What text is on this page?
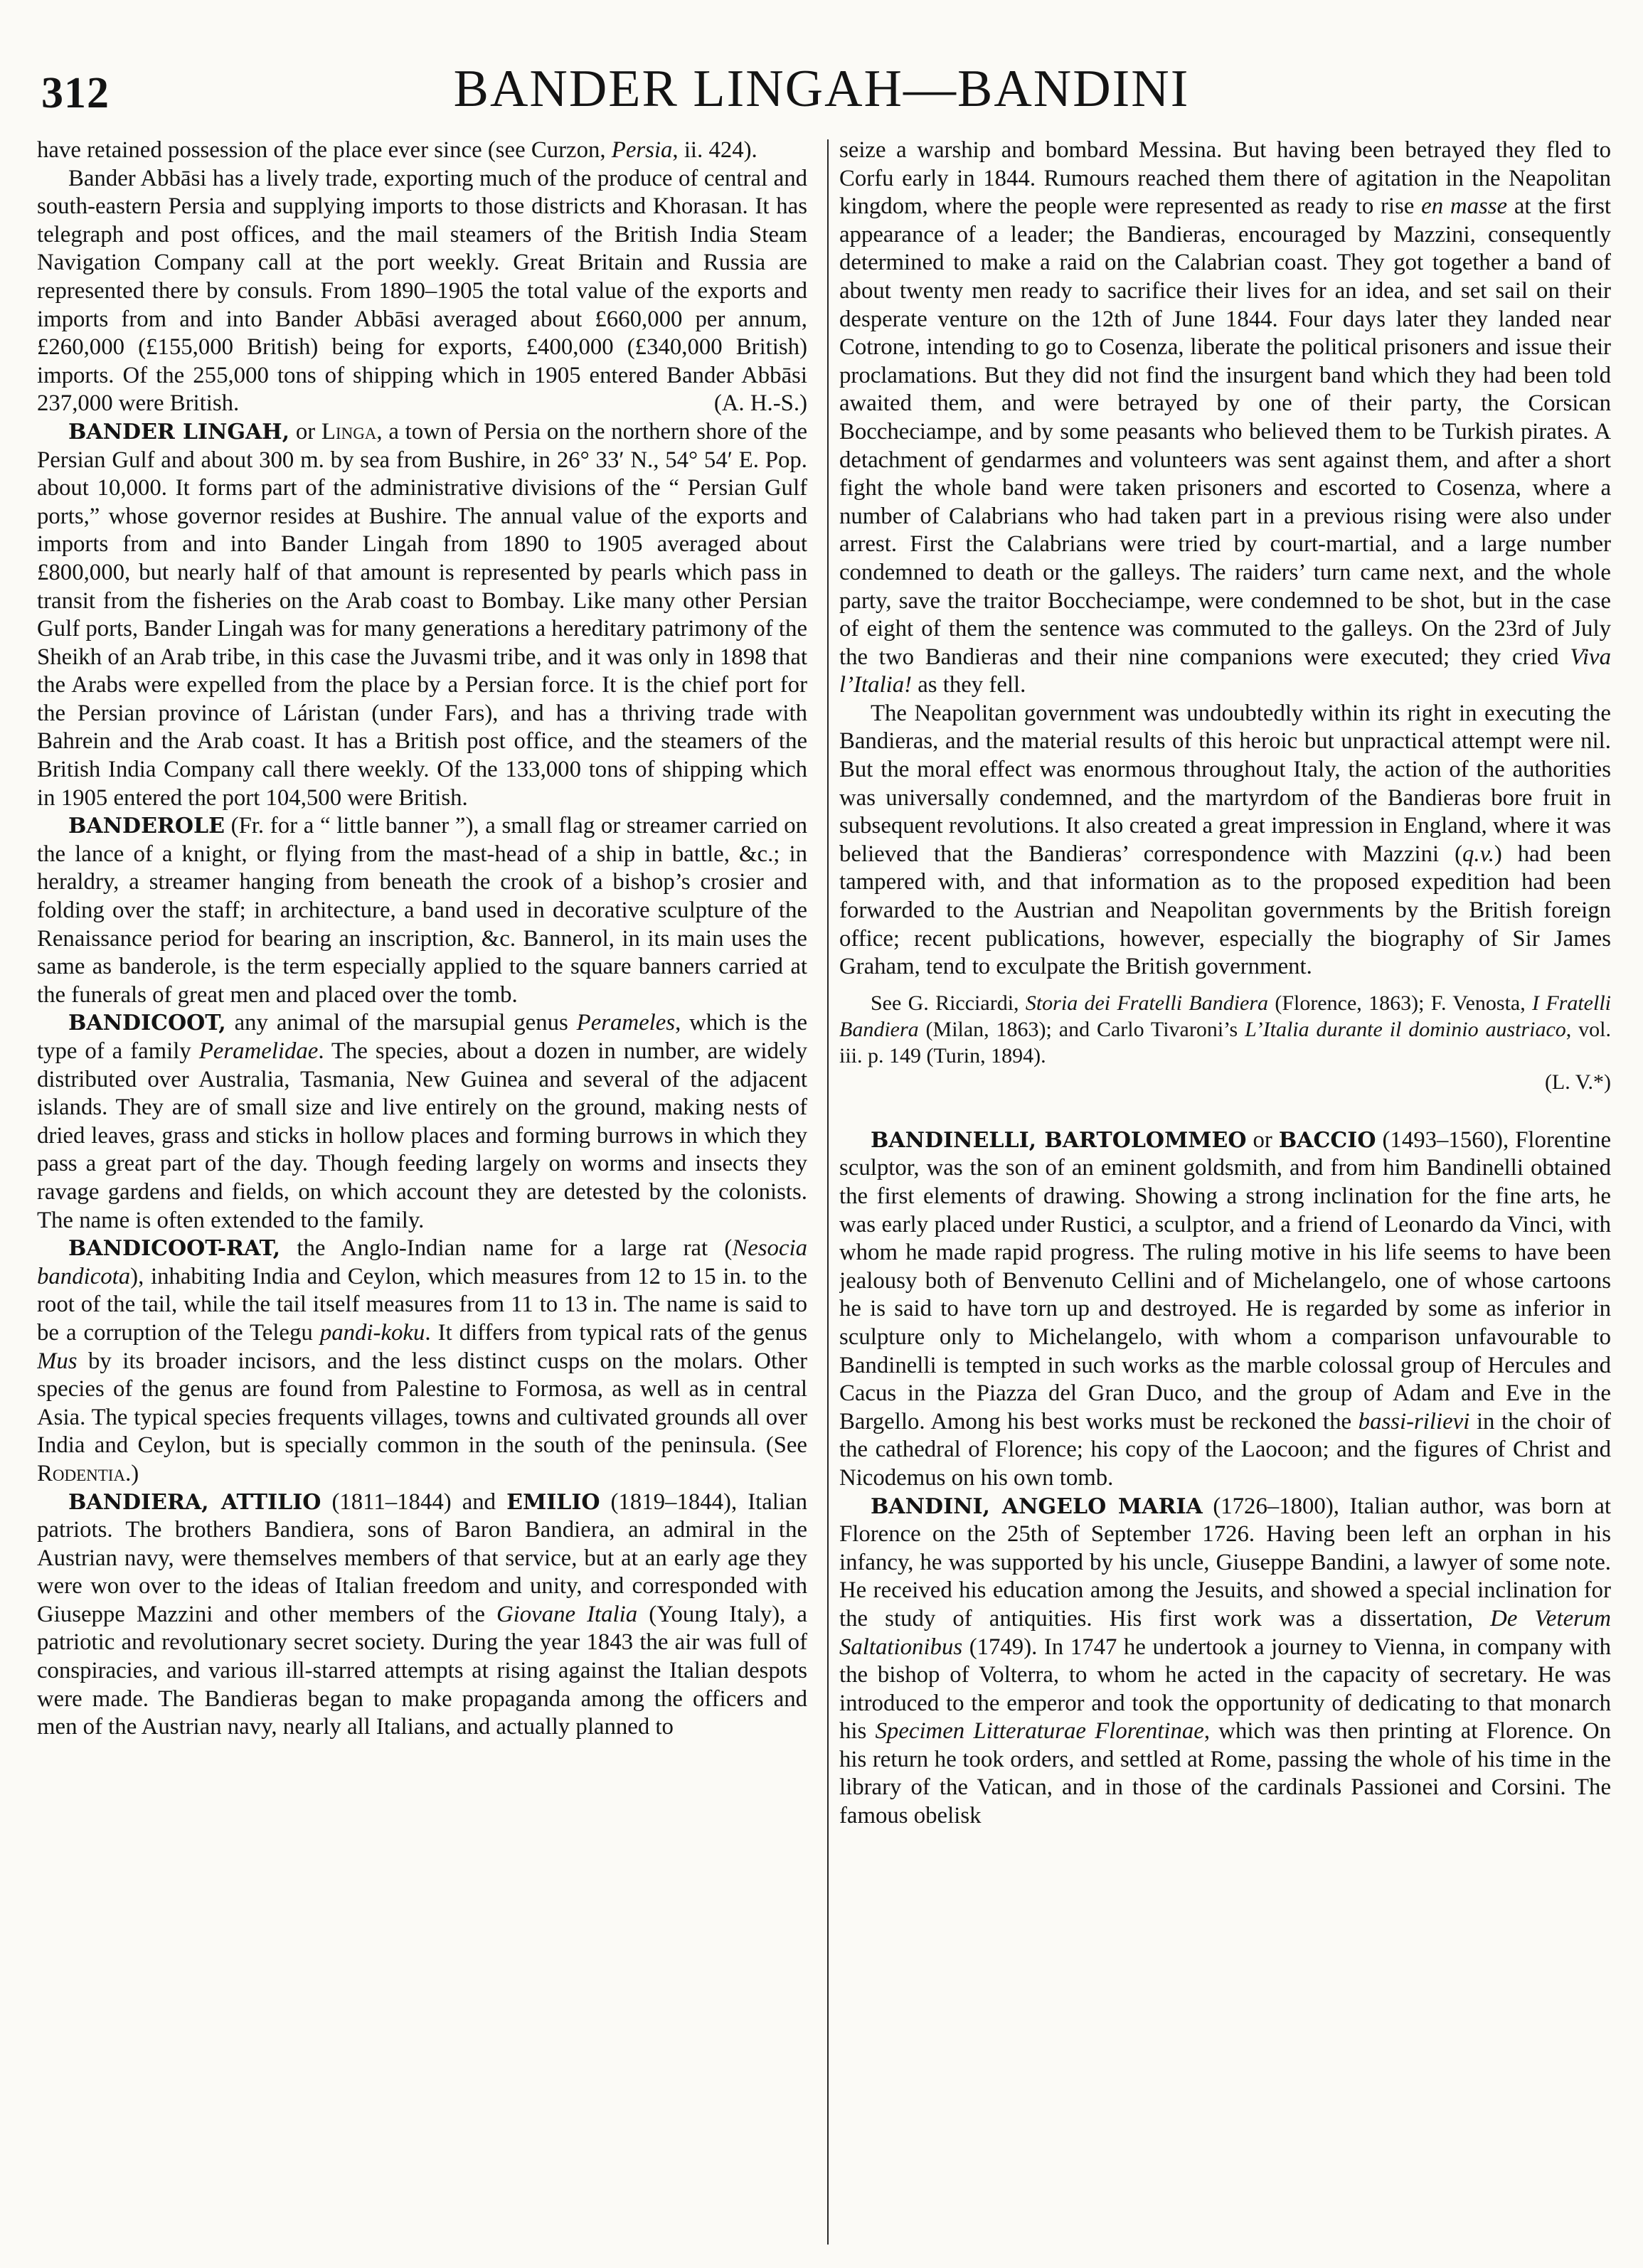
312	BANDER LINGAH—BANDINI

have retained possession of the place ever since (see Curzon, Persia, ii. 424).

Bander Abbāsi has a lively trade, exporting much of the produce of central and south-eastern Persia and supplying imports to those districts and Khorasan. It has telegraph and post offices, and the mail steamers of the British India Steam Navigation Company call at the port weekly. Great Britain and Russia are represented there by consuls. From 1890–1905 the total value of the exports and imports from and into Bander Abbāsi averaged about £660,000 per annum, £260,000 (£155,000 British) being for exports, £400,000 (£340,000 British) imports. Of the 255,000 tons of shipping which in 1905 entered Bander Abbāsi 237,000 were British.	(A. H.-S.)

BANDER LINGAH, or Linga, a town of Persia on the northern shore of the Persian Gulf and about 300 m. by sea from Bushire, in 26° 33′ N., 54° 54′ E. Pop. about 10,000. It forms part of the administrative divisions of the “ Persian Gulf ports,” whose governor resides at Bushire. The annual value of the exports and imports from and into Bander Lingah from 1890 to 1905 averaged about £800,000, but nearly half of that amount is represented by pearls which pass in transit from the fisheries on the Arab coast to Bombay. Like many other Persian Gulf ports, Bander Lingah was for many generations a hereditary patrimony of the Sheikh of an Arab tribe, in this case the Juvasmi tribe, and it was only in 1898 that the Arabs were expelled from the place by a Persian force. It is the chief port for the Persian province of Láristan (under Fars), and has a thriving trade with Bahrein and the Arab coast. It has a British post office, and the steamers of the British India Company call there weekly. Of the 133,000 tons of shipping which in 1905 entered the port 104,500 were British.

BANDEROLE (Fr. for a “ little banner ”), a small flag or streamer carried on the lance of a knight, or flying from the mast-head of a ship in battle, &c.; in heraldry, a streamer hanging from beneath the crook of a bishop’s crosier and folding over the staff; in architecture, a band used in decorative sculpture of the Renaissance period for bearing an inscription, &c. Bannerol, in its main uses the same as banderole, is the term especially applied to the square banners carried at the funerals of great men and placed over the tomb.

BANDICOOT, any animal of the marsupial genus Perameles, which is the type of a family Peramelidae. The species, about a dozen in number, are widely distributed over Australia, Tasmania, New Guinea and several of the adjacent islands. They are of small size and live entirely on the ground, making nests of dried leaves, grass and sticks in hollow places and forming burrows in which they pass a great part of the day. Though feeding largely on worms and insects they ravage gardens and fields, on which account they are detested by the colonists. The name is often extended to the family.

BANDICOOT-RAT, the Anglo-Indian name for a large rat (Nesocia bandicota), inhabiting India and Ceylon, which measures from 12 to 15 in. to the root of the tail, while the tail itself measures from 11 to 13 in. The name is said to be a corruption of the Telegu pandi-koku. It differs from typical rats of the genus Mus by its broader incisors, and the less distinct cusps on the molars. Other species of the genus are found from Palestine to Formosa, as well as in central Asia. The typical species frequents villages, towns and cultivated grounds all over India and Ceylon, but is specially common in the south of the peninsula. (See Rodentia.)

BANDIERA, ATTILIO (1811–1844) and EMILIO (1819–1844), Italian patriots. The brothers Bandiera, sons of Baron Bandiera, an admiral in the Austrian navy, were themselves members of that service, but at an early age they were won over to the ideas of Italian freedom and unity, and corresponded with Giuseppe Mazzini and other members of the Giovane Italia (Young Italy), a patriotic and revolutionary secret society. During the year 1843 the air was full of conspiracies, and various ill-starred attempts at rising against the Italian despots were made. The Bandieras began to make propaganda among the officers and men of the Austrian navy, nearly all Italians, and actually planned to

seize a warship and bombard Messina. But having been betrayed they fled to Corfu early in 1844. Rumours reached them there of agitation in the Neapolitan kingdom, where the people were represented as ready to rise en masse at the first appearance of a leader; the Bandieras, encouraged by Mazzini, consequently determined to make a raid on the Calabrian coast. They got together a band of about twenty men ready to sacrifice their lives for an idea, and set sail on their desperate venture on the 12th of June 1844. Four days later they landed near Cotrone, intending to go to Cosenza, liberate the political prisoners and issue their proclamations. But they did not find the insurgent band which they had been told awaited them, and were betrayed by one of their party, the Corsican Boccheciampe, and by some peasants who believed them to be Turkish pirates. A detachment of gendarmes and volunteers was sent against them, and after a short fight the whole band were taken prisoners and escorted to Cosenza, where a number of Calabrians who had taken part in a previous rising were also under arrest. First the Calabrians were tried by court-martial, and a large number condemned to death or the galleys. The raiders’ turn came next, and the whole party, save the traitor Boccheciampe, were condemned to be shot, but in the case of eight of them the sentence was commuted to the galleys. On the 23rd of July the two Bandieras and their nine companions were executed; they cried Viva l’Italia! as they fell.

The Neapolitan government was undoubtedly within its right in executing the Bandieras, and the material results of this heroic but unpractical attempt were nil. But the moral effect was enormous throughout Italy, the action of the authorities was universally condemned, and the martyrdom of the Bandieras bore fruit in subsequent revolutions. It also created a great impression in England, where it was believed that the Bandieras’ correspondence with Mazzini (q.v.) had been tampered with, and that information as to the proposed expedition had been forwarded to the Austrian and Neapolitan governments by the British foreign office; recent publications, however, especially the biography of Sir James Graham, tend to exculpate the British government.

See G. Ricciardi, Storia dei Fratelli Bandiera (Florence, 1863); F. Venosta, I Fratelli Bandiera (Milan, 1863); and Carlo Tivaroni’s L’Italia durante il dominio austriaco, vol. iii. p. 149 (Turin, 1894).
(L. V.*)

BANDINELLI, BARTOLOMMEO or BACCIO (1493–1560), Florentine sculptor, was the son of an eminent goldsmith, and from him Bandinelli obtained the first elements of drawing. Showing a strong inclination for the fine arts, he was early placed under Rustici, a sculptor, and a friend of Leonardo da Vinci, with whom he made rapid progress. The ruling motive in his life seems to have been jealousy both of Benvenuto Cellini and of Michelangelo, one of whose cartoons he is said to have torn up and destroyed. He is regarded by some as inferior in sculpture only to Michelangelo, with whom a comparison unfavourable to Bandinelli is tempted in such works as the marble colossal group of Hercules and Cacus in the Piazza del Gran Duco, and the group of Adam and Eve in the Bargello. Among his best works must be reckoned the bassi-rilievi in the choir of the cathedral of Florence; his copy of the Laocoon; and the figures of Christ and Nicodemus on his own tomb.

BANDINI, ANGELO MARIA (1726–1800), Italian author, was born at Florence on the 25th of September 1726. Having been left an orphan in his infancy, he was supported by his uncle, Giuseppe Bandini, a lawyer of some note. He received his education among the Jesuits, and showed a special inclination for the study of antiquities. His first work was a dissertation, De Veterum Saltationibus (1749). In 1747 he undertook a journey to Vienna, in company with the bishop of Volterra, to whom he acted in the capacity of secretary. He was introduced to the emperor and took the opportunity of dedicating to that monarch his Specimen Litteraturae Florentinae, which was then printing at Florence. On his return he took orders, and settled at Rome, passing the whole of his time in the library of the Vatican, and in those of the cardinals Passionei and Corsini. The famous obelisk
